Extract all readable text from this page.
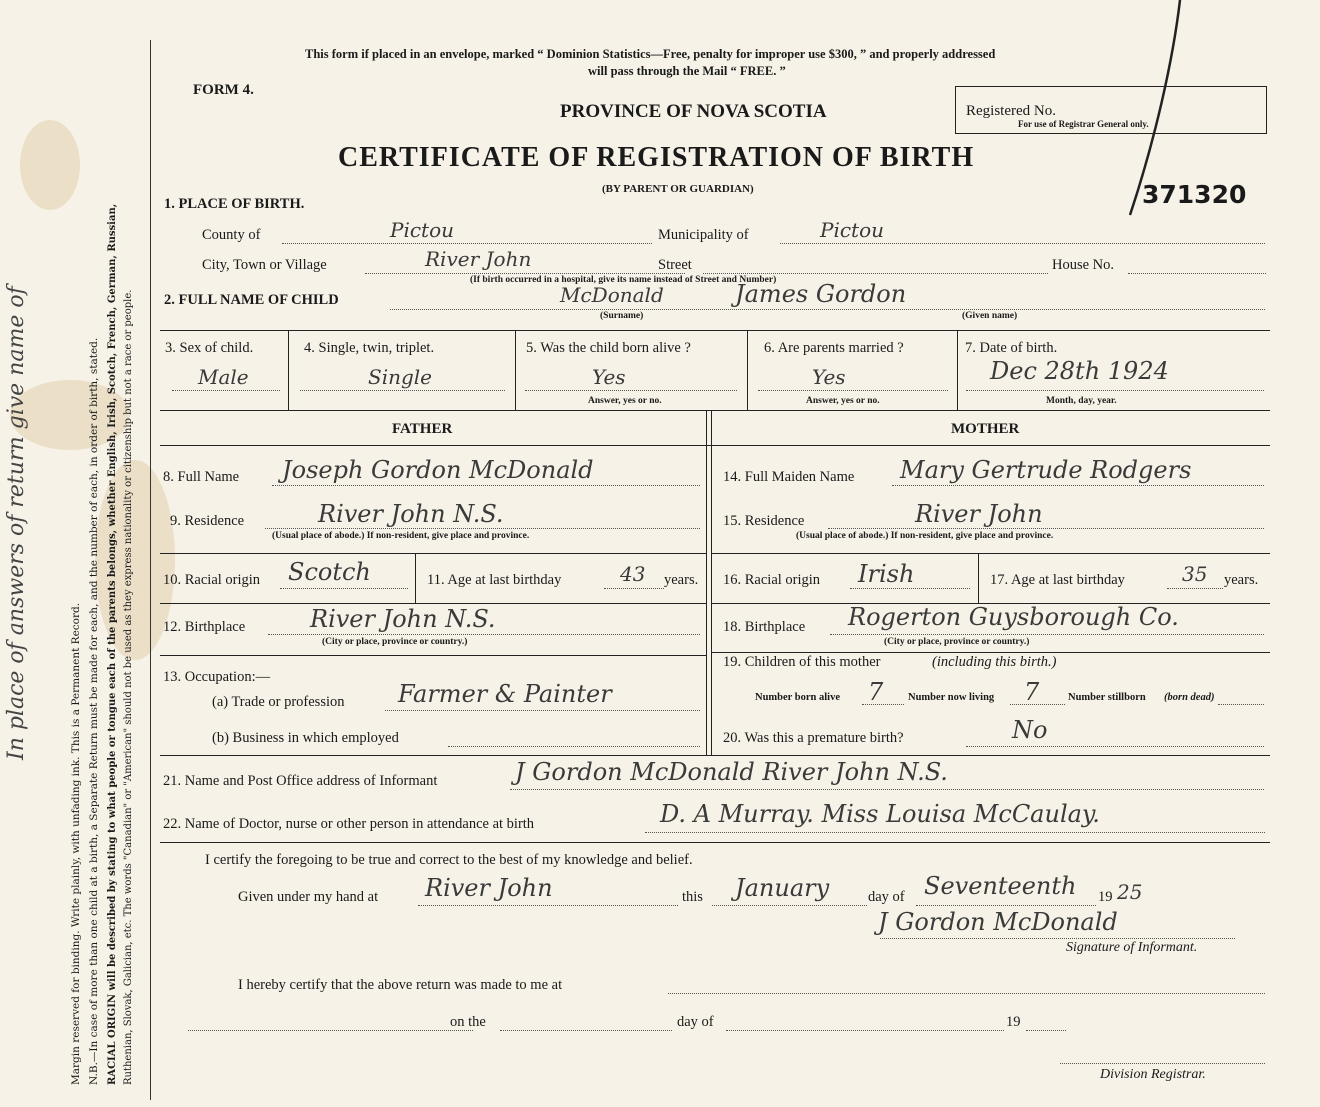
Margin reserved for binding. Write plainly, with unfading ink. This is a Permanent Record. N.B.—In case of more than one child at a birth, a Separate Return must be made for each, and the number of each, in order of birth, stated. RACIAL ORIGIN will be described by stating to what people or tongue each of the parents belongs, whether English, Irish, Scotch, French, German, Russian, Ruthenian, Slovak, Galician, etc. The words "Canadian" or "American" should not be used as they express nationality or citizenship but not a race or people.
In place of answers of return give name of
This form if placed in an envelope, marked “ Dominion Statistics—Free, penalty for improper use $300, ” and properly addressed
will pass through the Mail “ FREE. ”
FORM 4.
PROVINCE OF NOVA SCOTIA	Registered No.
For use of Registrar General only.
CERTIFICATE OF REGISTRATION OF BIRTH
(BY PARENT OR GUARDIAN)	371320
1. PLACE OF BIRTH.
County of	Pictou	Municipality of	Pictou
City, Town or Village	River John	Street	House No.
(If birth occurred in a hospital, give its name instead of Street and Number)
2. FULL NAME OF CHILD	McDonald	James Gordon
(Surname)	(Given name)
3. Sex of child.
Male
4. Single, twin, triplet.
Single
5. Was the child born alive ?
Yes
Answer, yes or no.
6. Are parents married ?
Yes
Answer, yes or no.
7. Date of birth.
Dec 28th 1924
Month, day, year.
FATHER	MOTHER
8. Full Name Joseph Gordon McDonald
9. Residence	River John N.S.
(Usual place of abode.) If non-resident, give place and province.
10. Racial origin Scotch	11. Age at last birthday	43 years.
12. Birthplace	River John N.S.
(City or place, province or country.)
13. Occupation:—
(a) Trade or profession Farmer & Painter
(b) Business in which employed
14. Full Maiden Name Mary Gertrude Rodgers
15. Residence	River John
(Usual place of abode.) If non-resident, give place and province.
16. Racial origin Irish	17. Age at last birthday	35 years.
18. Birthplace Rogerton Guysborough Co.
(City or place, province or country.)
19. Children of this mother	(including this birth.)
Number born alive 7 Number now living 7	Number stillborn (born dead)
20. Was this a premature birth?	No
21. Name and Post Office address of Informant	J Gordon McDonald River John N.S.
22. Name of Doctor, nurse or other person in attendance at birth	D. A Murray. Miss Louisa McCaulay.
I certify the foregoing to be true and correct to the best of my knowledge and belief.
Given under my hand at River John	this January	day of Seventeenth 19 25
J Gordon McDonald
Signature of Informant.
I hereby certify that the above return was made to me at
on the	day of	19
Division Registrar.
